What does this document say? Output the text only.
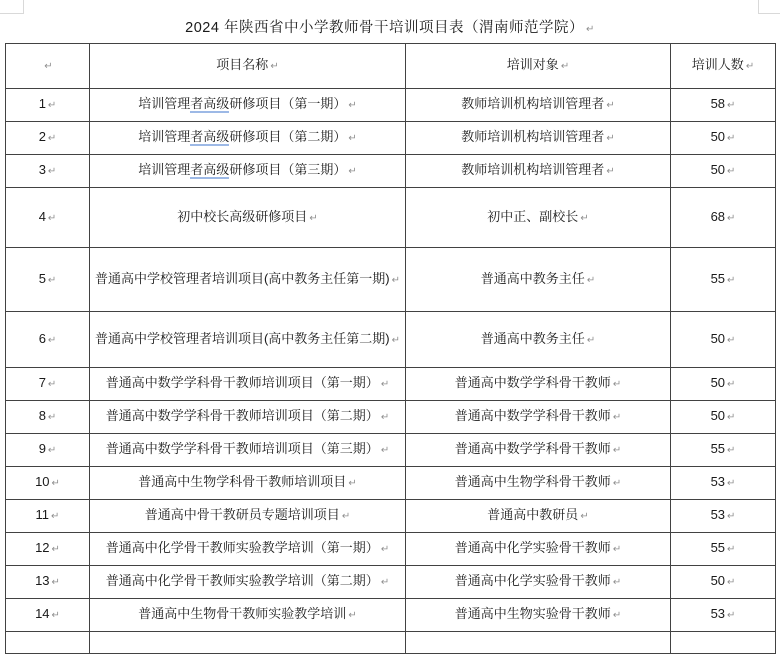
2024 年陕西省中小学教师骨干培训项目表（渭南师范学院） ↵
↵	项目名称 ↵	培训对象 ↵	培训人数 ↵
1 ↵	培训管理者高级研修项目（第一期） ↵	教师培训机构培训管理者 ↵	58 ↵
2 ↵	培训管理者高级研修项目（第二期） ↵	教师培训机构培训管理者 ↵	50 ↵
3 ↵	培训管理者高级研修项目（第三期） ↵	教师培训机构培训管理者 ↵	50 ↵
4 ↵	初中校长高级研修项目 ↵	初中正、副校长 ↵	68 ↵
5 ↵	普通高中学校管理者培训项目(高中教务主任第一期) ↵	普通高中教务主任 ↵	55 ↵
6 ↵	普通高中学校管理者培训项目(高中教务主任第二期) ↵	普通高中教务主任 ↵	50 ↵
7 ↵	普通高中数学学科骨干教师培训项目（第一期） ↵	普通高中数学学科骨干教师 ↵	50 ↵
8 ↵	普通高中数学学科骨干教师培训项目（第二期） ↵	普通高中数学学科骨干教师 ↵	50 ↵
9 ↵	普通高中数学学科骨干教师培训项目（第三期） ↵	普通高中数学学科骨干教师 ↵	55 ↵
10 ↵	普通高中生物学科骨干教师培训项目 ↵	普通高中生物学科骨干教师 ↵	53 ↵
11 ↵	普通高中骨干教研员专题培训项目 ↵	普通高中教研员 ↵	53 ↵
12 ↵	普通高中化学骨干教师实验教学培训（第一期） ↵	普通高中化学实验骨干教师 ↵	55 ↵
13 ↵	普通高中化学骨干教师实验教学培训（第二期） ↵	普通高中化学实验骨干教师 ↵	50 ↵
14 ↵	普通高中生物骨干教师实验教学培训 ↵	普通高中生物实验骨干教师 ↵	53 ↵
